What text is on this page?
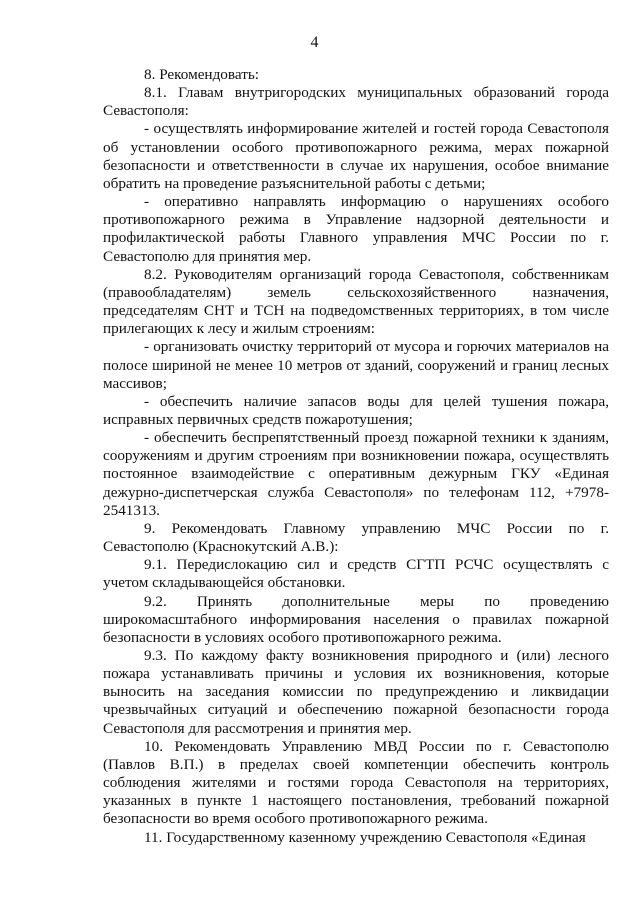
4

8. Рекомендовать:

8.1. Главам внутригородских муниципальных образований города Севастополя:

- осуществлять информирование жителей и гостей города Севастополя об установлении особого противопожарного режима, мерах пожарной безопасности и ответственности в случае их нарушения, особое внимание обратить на проведение разъяснительной работы с детьми;

- оперативно направлять информацию о нарушениях особого противопожарного режима в Управление надзорной деятельности и профилактической работы Главного управления МЧС России по г. Севастополю для принятия мер.

8.2. Руководителям организаций города Севастополя, собственникам (правообладателям) земель сельскохозяйственного назначения, председателям СНТ и ТСН на подведомственных территориях, в том числе прилегающих к лесу и жилым строениям:

- организовать очистку территорий от мусора и горючих материалов на полосе шириной не менее 10 метров от зданий, сооружений и границ лесных массивов;

- обеспечить наличие запасов воды для целей тушения пожара, исправных первичных средств пожаротушения;

- обеспечить беспрепятственный проезд пожарной техники к зданиям, сооружениям и другим строениям при возникновении пожара, осуществлять постоянное взаимодействие с оперативным дежурным ГКУ «Единая дежурно-диспетчерская служба Севастополя» по телефонам 112, +7978-2541313.

9. Рекомендовать Главному управлению МЧС России по г. Севастополю (Краснокутский А.В.):

9.1. Передислокацию сил и средств СГТП РСЧС осуществлять с учетом складывающейся обстановки.

9.2. Принять дополнительные меры по проведению широкомасштабного информирования населения о правилах пожарной безопасности в условиях особого противопожарного режима.

9.3. По каждому факту возникновения природного и (или) лесного пожара устанавливать причины и условия их возникновения, которые выносить на заседания комиссии по предупреждению и ликвидации чрезвычайных ситуаций и обеспечению пожарной безопасности города Севастополя для рассмотрения и принятия мер.

10. Рекомендовать Управлению МВД России по г. Севастополю (Павлов В.П.) в пределах своей компетенции обеспечить контроль соблюдения жителями и гостями города Севастополя на территориях, указанных в пункте 1 настоящего постановления, требований пожарной безопасности во время особого противопожарного режима.

11. Государственному казенному учреждению Севастополя «Единая
